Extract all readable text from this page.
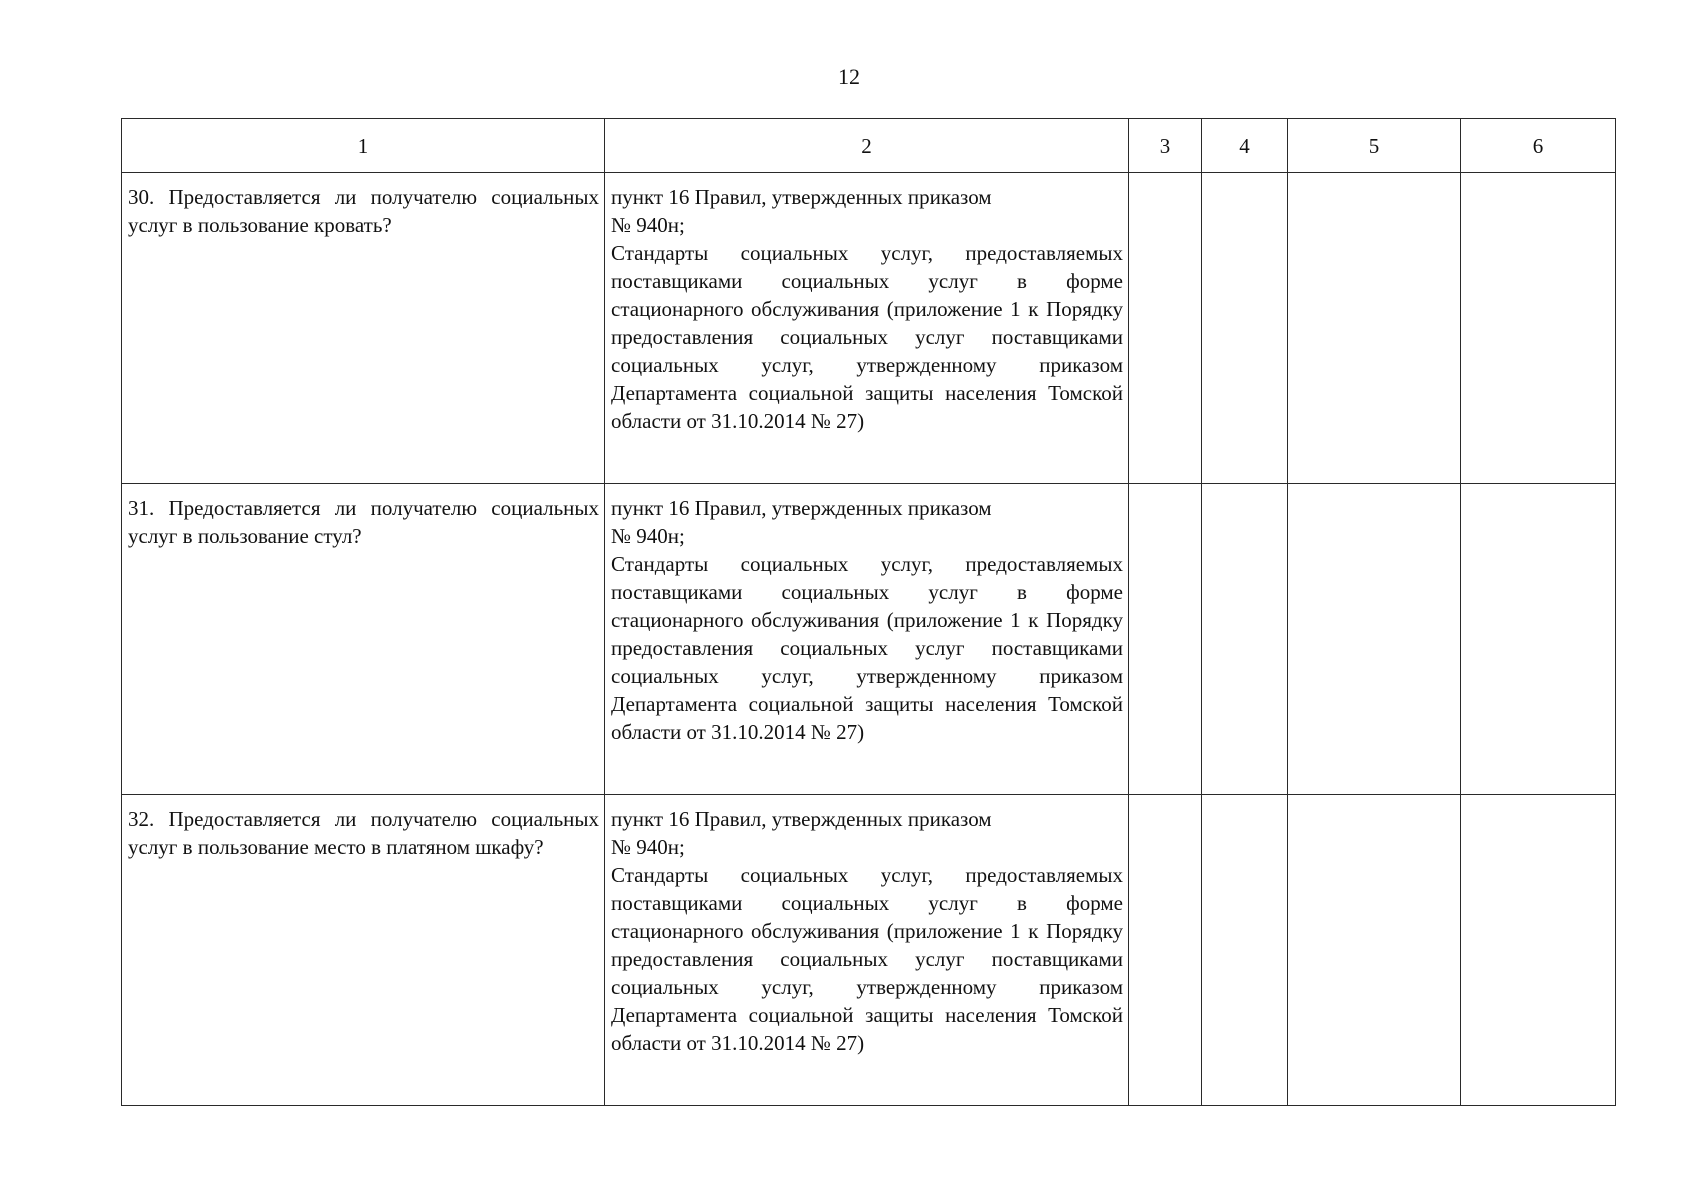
12
1	2	3	4	5	6
30. Предоставляется ли получателю социальных услуг в пользование кровать?	пункт 16 Правил, утвержденных приказом
№ 940н;
Стандарты социальных услуг, предоставляемых поставщиками социальных услуг в форме стационарного обслуживания (приложение 1 к Порядку предоставления социальных услуг поставщиками социальных услуг, утвержденному приказом Департамента социальной защиты населения Томской области от 31.10.2014 № 27)				

31. Предоставляется ли получателю социальных услуг в пользование стул?	пункт 16 Правил, утвержденных приказом
№ 940н;
Стандарты социальных услуг, предоставляемых поставщиками социальных услуг в форме стационарного обслуживания (приложение 1 к Порядку предоставления социальных услуг поставщиками социальных услуг, утвержденному приказом Департамента социальной защиты населения Томской области от 31.10.2014 № 27)				

32. Предоставляется ли получателю социальных услуг в пользование место в платяном шкафу?	пункт 16 Правил, утвержденных приказом
№ 940н;
Стандарты социальных услуг, предоставляемых поставщиками социальных услуг в форме стационарного обслуживания (приложение 1 к Порядку предоставления социальных услуг поставщиками социальных услуг, утвержденному приказом Департамента социальной защиты населения Томской области от 31.10.2014 № 27)				
